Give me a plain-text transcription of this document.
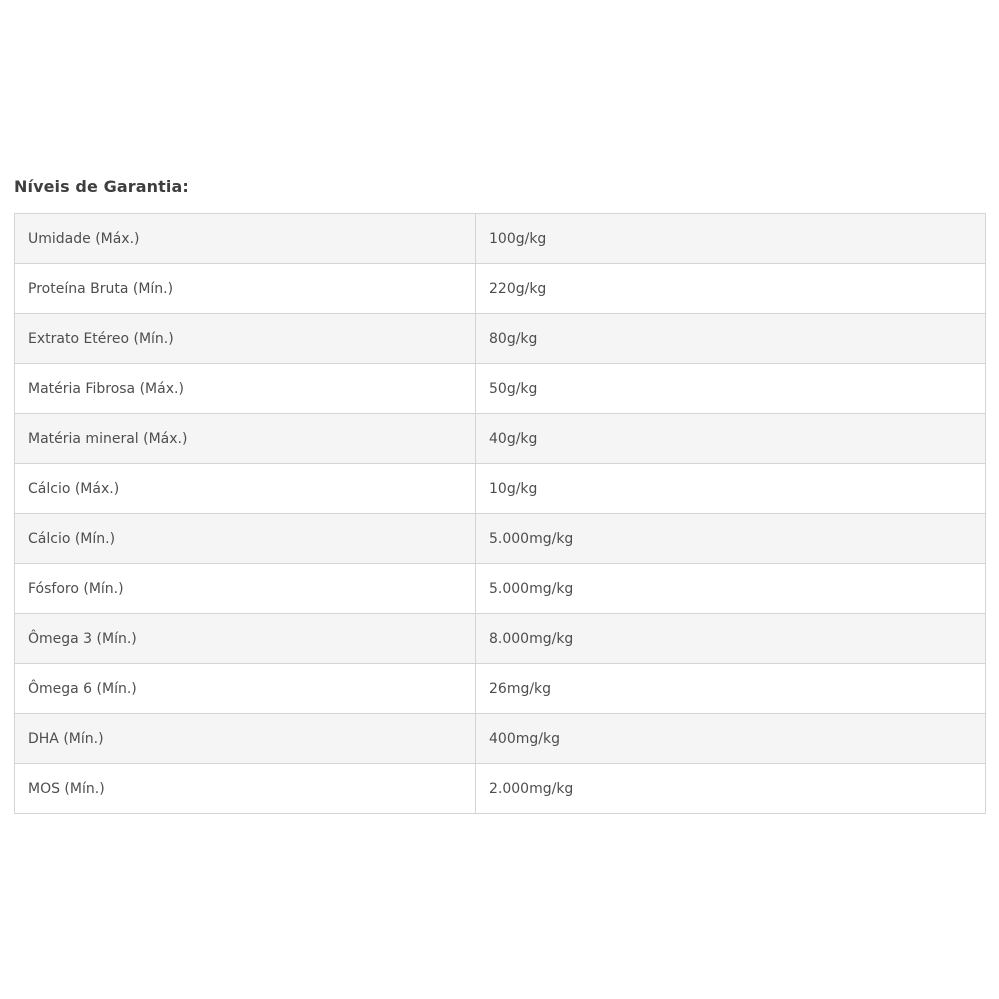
Níveis de Garantia:
Umidade (Máx.)	100g/kg
Proteína Bruta (Mín.)	220g/kg
Extrato Etéreo (Mín.)	80g/kg
Matéria Fibrosa (Máx.)	50g/kg
Matéria mineral (Máx.)	40g/kg
Cálcio (Máx.)	10g/kg
Cálcio (Mín.)	5.000mg/kg
Fósforo (Mín.)	5.000mg/kg
Ômega 3 (Mín.)	8.000mg/kg
Ômega 6 (Mín.)	26mg/kg
DHA (Mín.)	400mg/kg
MOS (Mín.)	2.000mg/kg
